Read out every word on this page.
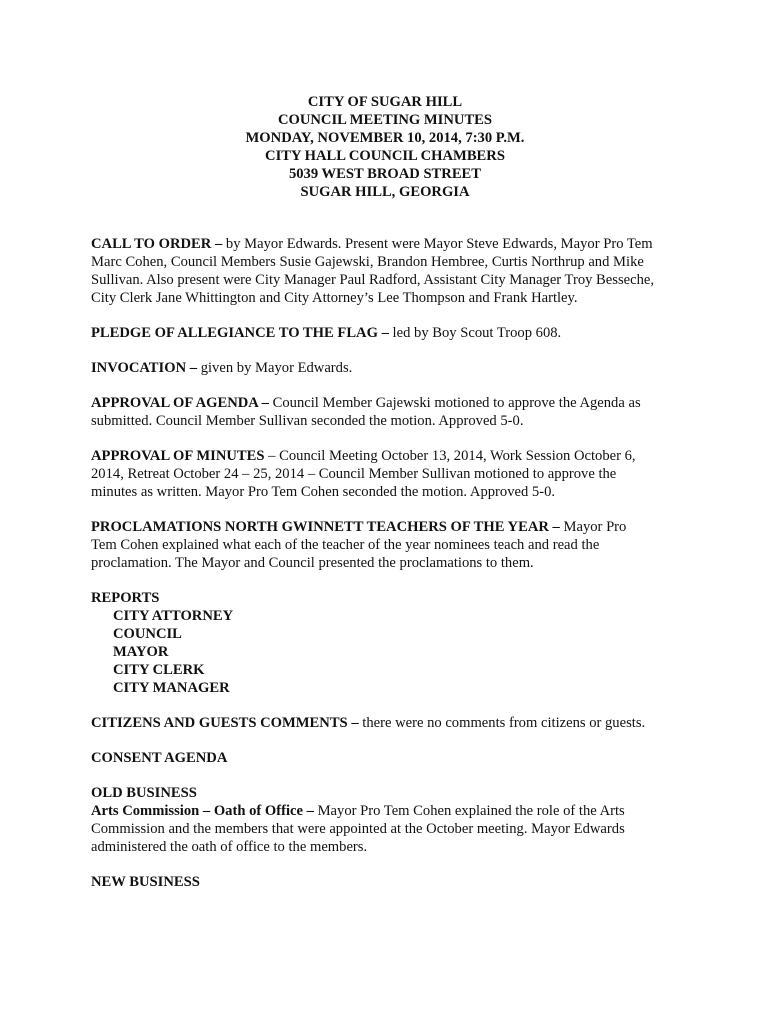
CITY OF SUGAR HILL
COUNCIL MEETING MINUTES
MONDAY, NOVEMBER 10, 2014, 7:30 P.M.
CITY HALL COUNCIL CHAMBERS
5039 WEST BROAD STREET
SUGAR HILL, GEORGIA
CALL TO ORDER – by Mayor Edwards. Present were Mayor Steve Edwards, Mayor Pro Tem
Marc Cohen, Council Members Susie Gajewski, Brandon Hembree, Curtis Northrup and Mike
Sullivan. Also present were City Manager Paul Radford, Assistant City Manager Troy Besseche,
City Clerk Jane Whittington and City Attorney’s Lee Thompson and Frank Hartley.
PLEDGE OF ALLEGIANCE TO THE FLAG – led by Boy Scout Troop 608.
INVOCATION – given by Mayor Edwards.
APPROVAL OF AGENDA – Council Member Gajewski motioned to approve the Agenda as
submitted. Council Member Sullivan seconded the motion. Approved 5-0.
APPROVAL OF MINUTES – Council Meeting October 13, 2014, Work Session October 6,
2014, Retreat October 24 – 25, 2014 – Council Member Sullivan motioned to approve the
minutes as written. Mayor Pro Tem Cohen seconded the motion. Approved 5-0.
PROCLAMATIONS NORTH GWINNETT TEACHERS OF THE YEAR – Mayor Pro
Tem Cohen explained what each of the teacher of the year nominees teach and read the
proclamation. The Mayor and Council presented the proclamations to them.
REPORTS
CITY ATTORNEY
COUNCIL
MAYOR
CITY CLERK
CITY MANAGER
CITIZENS AND GUESTS COMMENTS – there were no comments from citizens or guests.
CONSENT AGENDA
OLD BUSINESS
Arts Commission – Oath of Office – Mayor Pro Tem Cohen explained the role of the Arts
Commission and the members that were appointed at the October meeting. Mayor Edwards
administered the oath of office to the members.
NEW BUSINESS
